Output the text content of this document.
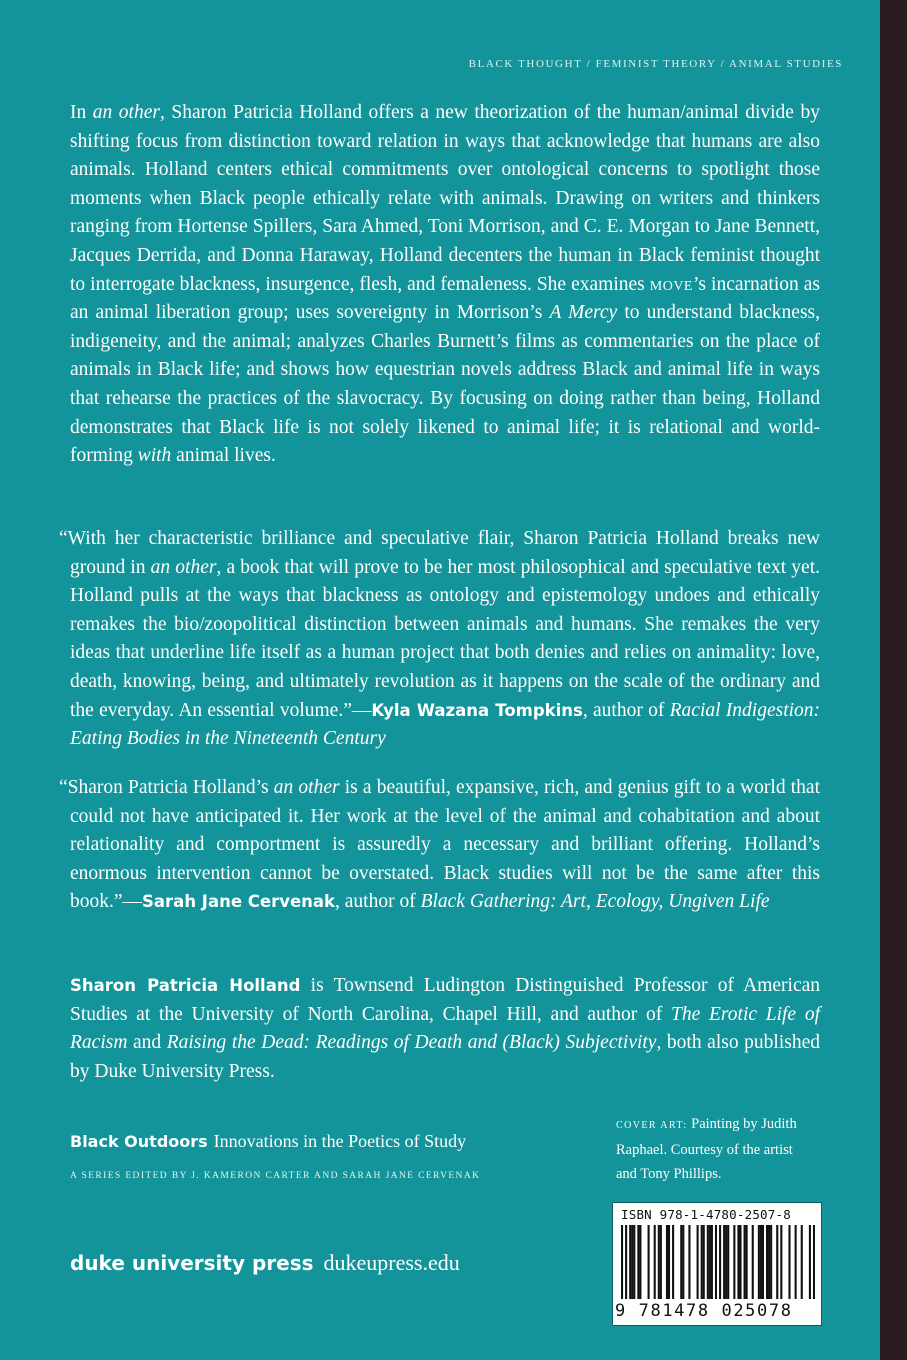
BLACK THOUGHT / FEMINIST THEORY / ANIMAL STUDIES

In an other, Sharon Patricia Holland offers a new theorization of the human/animal divide by shifting focus from distinction toward relation in ways that acknowledge that humans are also animals. Holland centers ethical commitments over ontological concerns to spotlight those moments when Black people ethically relate with animals. Drawing on writers and thinkers ranging from Hortense Spillers, Sara Ahmed, Toni Morrison, and C. E. Morgan to Jane Bennett, Jacques Derrida, and Donna Haraway, Holland decenters the human in Black feminist thought to interrogate blackness, insurgence, flesh, and femaleness. She examines move’s incarnation as an animal liberation group; uses sovereignty in Morrison’s A Mercy to understand blackness, indigeneity, and the animal; analyzes Charles Burnett’s films as commentaries on the place of animals in Black life; and shows how equestrian novels address Black and animal life in ways that rehearse the practices of the slavocracy. By focusing on doing rather than being, Holland demonstrates that Black life is not solely likened to animal life; it is relational and world-forming with animal lives.

“With her characteristic brilliance and speculative flair, Sharon Patricia Holland breaks new ground in an other, a book that will prove to be her most philosophical and speculative text yet. Holland pulls at the ways that blackness as ontology and epistemology undoes and ethically remakes the bio/zoopolitical distinction between animals and humans. She remakes the very ideas that underline life itself as a human project that both denies and relies on animality: love, death, knowing, being, and ultimately revolution as it happens on the scale of the ordinary and the everyday. An essential volume.”—Kyla Wazana Tompkins, author of Racial Indigestion: Eating Bodies in the Nineteenth Century

“Sharon Patricia Holland’s an other is a beautiful, expansive, rich, and genius gift to a world that could not have anticipated it. Her work at the level of the animal and cohabitation and about relationality and comportment is assuredly a necessary and brilliant offering. Holland’s enormous intervention cannot be overstated. Black studies will not be the same after this book.”—Sarah Jane Cervenak, author of Black Gathering: Art, Ecology, Ungiven Life

Sharon Patricia Holland is Townsend Ludington Distinguished Professor of American Studies at the University of North Carolina, Chapel Hill, and author of The Erotic Life of Racism and Raising the Dead: Readings of Death and (Black) Subjectivity, both also published by Duke University Press.

Black Outdoors Innovations in the Poetics of Study
A SERIES EDITED BY J. KAMERON CARTER AND SARAH JANE CERVENAK
COVER ART: Painting by Judith Raphael. Courtesy of the artist and Tony Phillips.
duke university press dukeupress.edu
ISBN 978-1-4780-2507-8
9 781478 025078
